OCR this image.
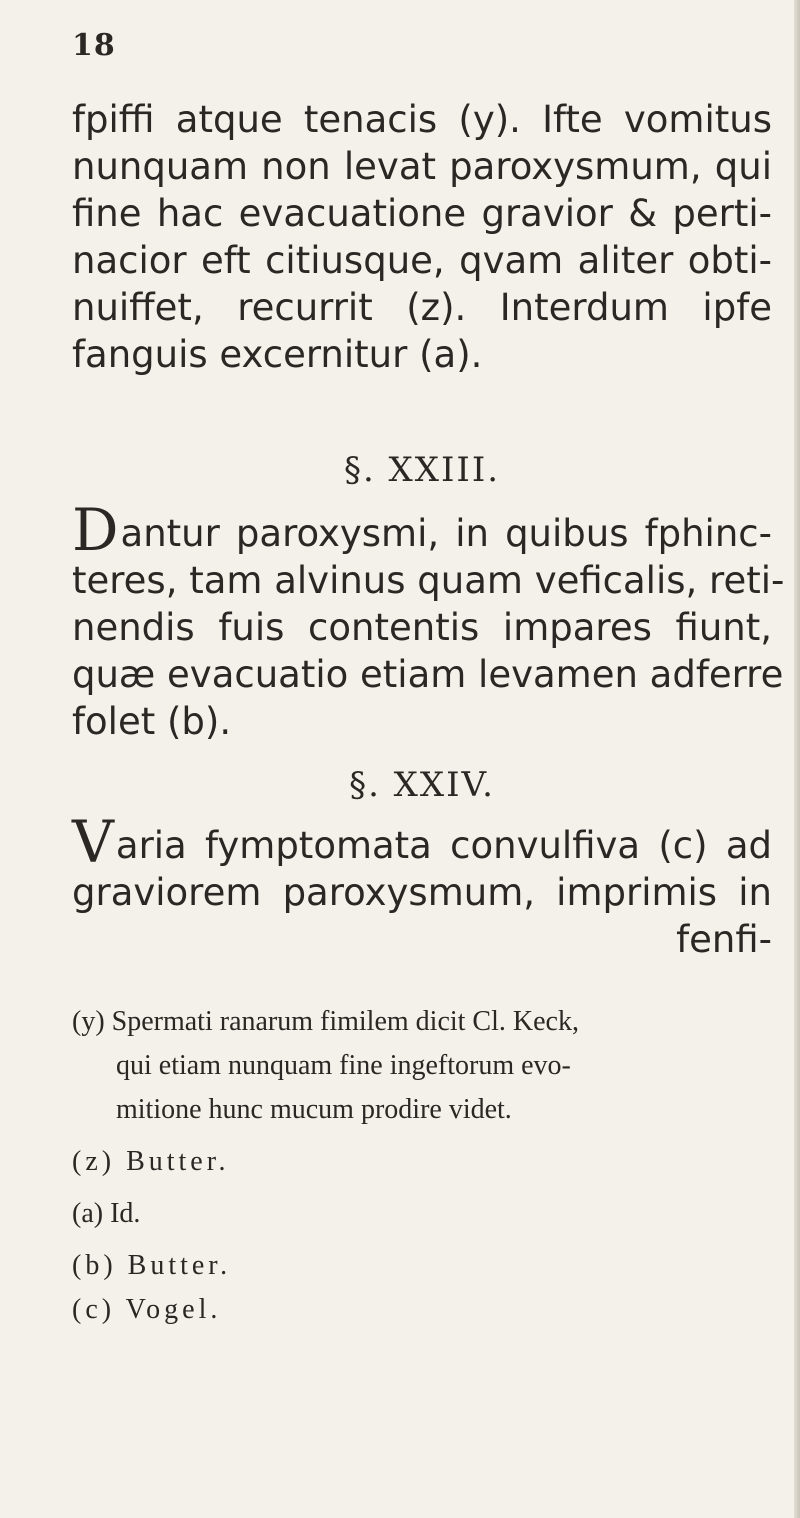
18
fpiffi atque tenacis (y). Ifte vomitus
nunquam non levat paroxysmum, qui
fine hac evacuatione gravior & perti-
nacior eft citiusque, qvam aliter obti-
nuiffet, recurrit (z). Interdum ipfe
fanguis excernitur (a).
§. XXIII.
Dantur paroxysmi, in quibus fphinc-
teres, tam alvinus quam veficalis, reti-
nendis fuis contentis impares fiunt,
quæ evacuatio etiam levamen adferre
folet (b).
§. XXIV.
Varia fymptomata convulfiva (c) ad
graviorem paroxysmum, imprimis in
fenfi-
(y) Spermati ranarum fimilem dicit Cl. Keck,
qui etiam nunquam fine ingeftorum evo-
mitione hunc mucum prodire videt.
(z) Butter.
(a) Id.
(b) Butter.
(c) Vogel.
